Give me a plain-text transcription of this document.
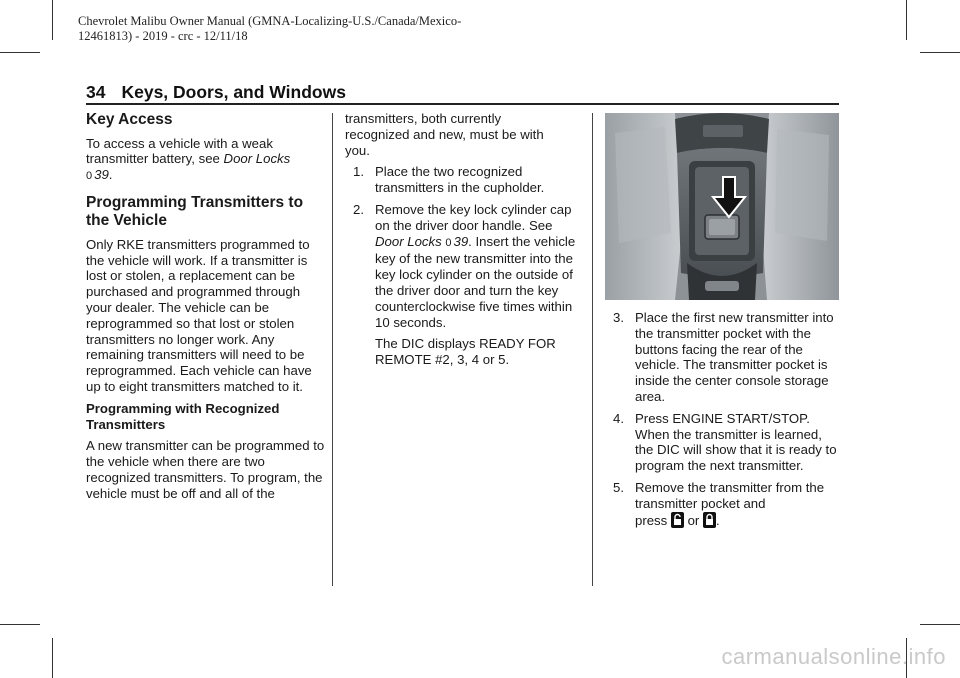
Chevrolet Malibu Owner Manual (GMNA-Localizing-U.S./Canada/Mexico-
12461813) - 2019 - crc - 12/11/18
34 Keys, Doors, and Windows
Key Access

To access a vehicle with a weak transmitter battery, see Door Locks
0 39.

Programming Transmitters to the Vehicle

Only RKE transmitters programmed to the vehicle will work. If a transmitter is lost or stolen, a replacement can be purchased and programmed through your dealer. The vehicle can be reprogrammed so that lost or stolen transmitters no longer work. Any remaining transmitters will need to be reprogrammed. Each vehicle can have up to eight transmitters matched to it.

Programming with Recognized Transmitters

A new transmitter can be programmed to the vehicle when there are two recognized transmitters. To program, the vehicle must be off and all of the

transmitters, both currently recognized and new, must be with you.

1. Place the two recognized transmitters in the cupholder.

2. Remove the key lock cylinder cap on the driver door handle. See Door Locks 0 39. Insert the vehicle key of the new transmitter into the key lock cylinder on the outside of the driver door and turn the key counterclockwise five times within 10 seconds.

The DIC displays READY FOR REMOTE #2, 3, 4 or 5.

3. Place the first new transmitter into the transmitter pocket with the buttons facing the rear of the vehicle. The transmitter pocket is inside the center console storage area.

4. Press ENGINE START/STOP. When the transmitter is learned, the DIC will show that it is ready to program the next transmitter.

5. Remove the transmitter from the transmitter pocket and
press or .

carmanualsonline.info
